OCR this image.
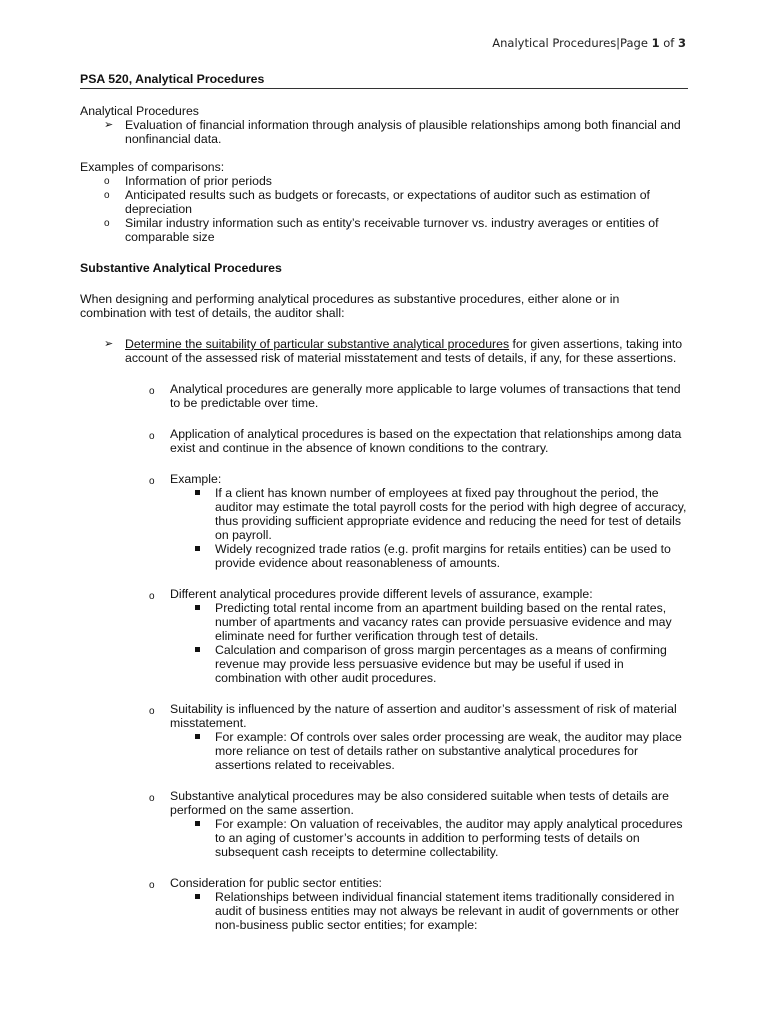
Analytical Procedures|Page 1 of 3
PSA 520, Analytical Procedures

Analytical Procedures

➢ Evaluation of financial information through analysis of plausible relationships among both financial and nonfinancial data.

Examples of comparisons:

o Information of prior periods
o Anticipated results such as budgets or forecasts, or expectations of auditor such as estimation of depreciation
o Similar industry information such as entity’s receivable turnover vs. industry averages or entities of comparable size

Substantive Analytical Procedures

When designing and performing analytical procedures as substantive procedures, either alone or in combination with test of details, the auditor shall:

➢ Determine the suitability of particular substantive analytical procedures for given assertions, taking into account of the assessed risk of material misstatement and tests of details, if any, for these assertions.
o Analytical procedures are generally more applicable to large volumes of transactions that tend to be predictable over time.
o Application of analytical procedures is based on the expectation that relationships among data exist and continue in the absence of known conditions to the contrary.
o Example:
If a client has known number of employees at fixed pay throughout the period, the auditor may estimate the total payroll costs for the period with high degree of accuracy, thus providing sufficient appropriate evidence and reducing the need for test of details on payroll.
Widely recognized trade ratios (e.g. profit margins for retails entities) can be used to provide evidence about reasonableness of amounts.
o Different analytical procedures provide different levels of assurance, example:
Predicting total rental income from an apartment building based on the rental rates, number of apartments and vacancy rates can provide persuasive evidence and may eliminate need for further verification through test of details.
Calculation and comparison of gross margin percentages as a means of confirming revenue may provide less persuasive evidence but may be useful if used in combination with other audit procedures.
o Suitability is influenced by the nature of assertion and auditor’s assessment of risk of material misstatement.
For example: Of controls over sales order processing are weak, the auditor may place more reliance on test of details rather on substantive analytical procedures for assertions related to receivables.
o Substantive analytical procedures may be also considered suitable when tests of details are performed on the same assertion.
For example: On valuation of receivables, the auditor may apply analytical procedures to an aging of customer’s accounts in addition to performing tests of details on subsequent cash receipts to determine collectability.
o Consideration for public sector entities:
Relationships between individual financial statement items traditionally considered in audit of business entities may not always be relevant in audit of governments or other non-business public sector entities; for example:
